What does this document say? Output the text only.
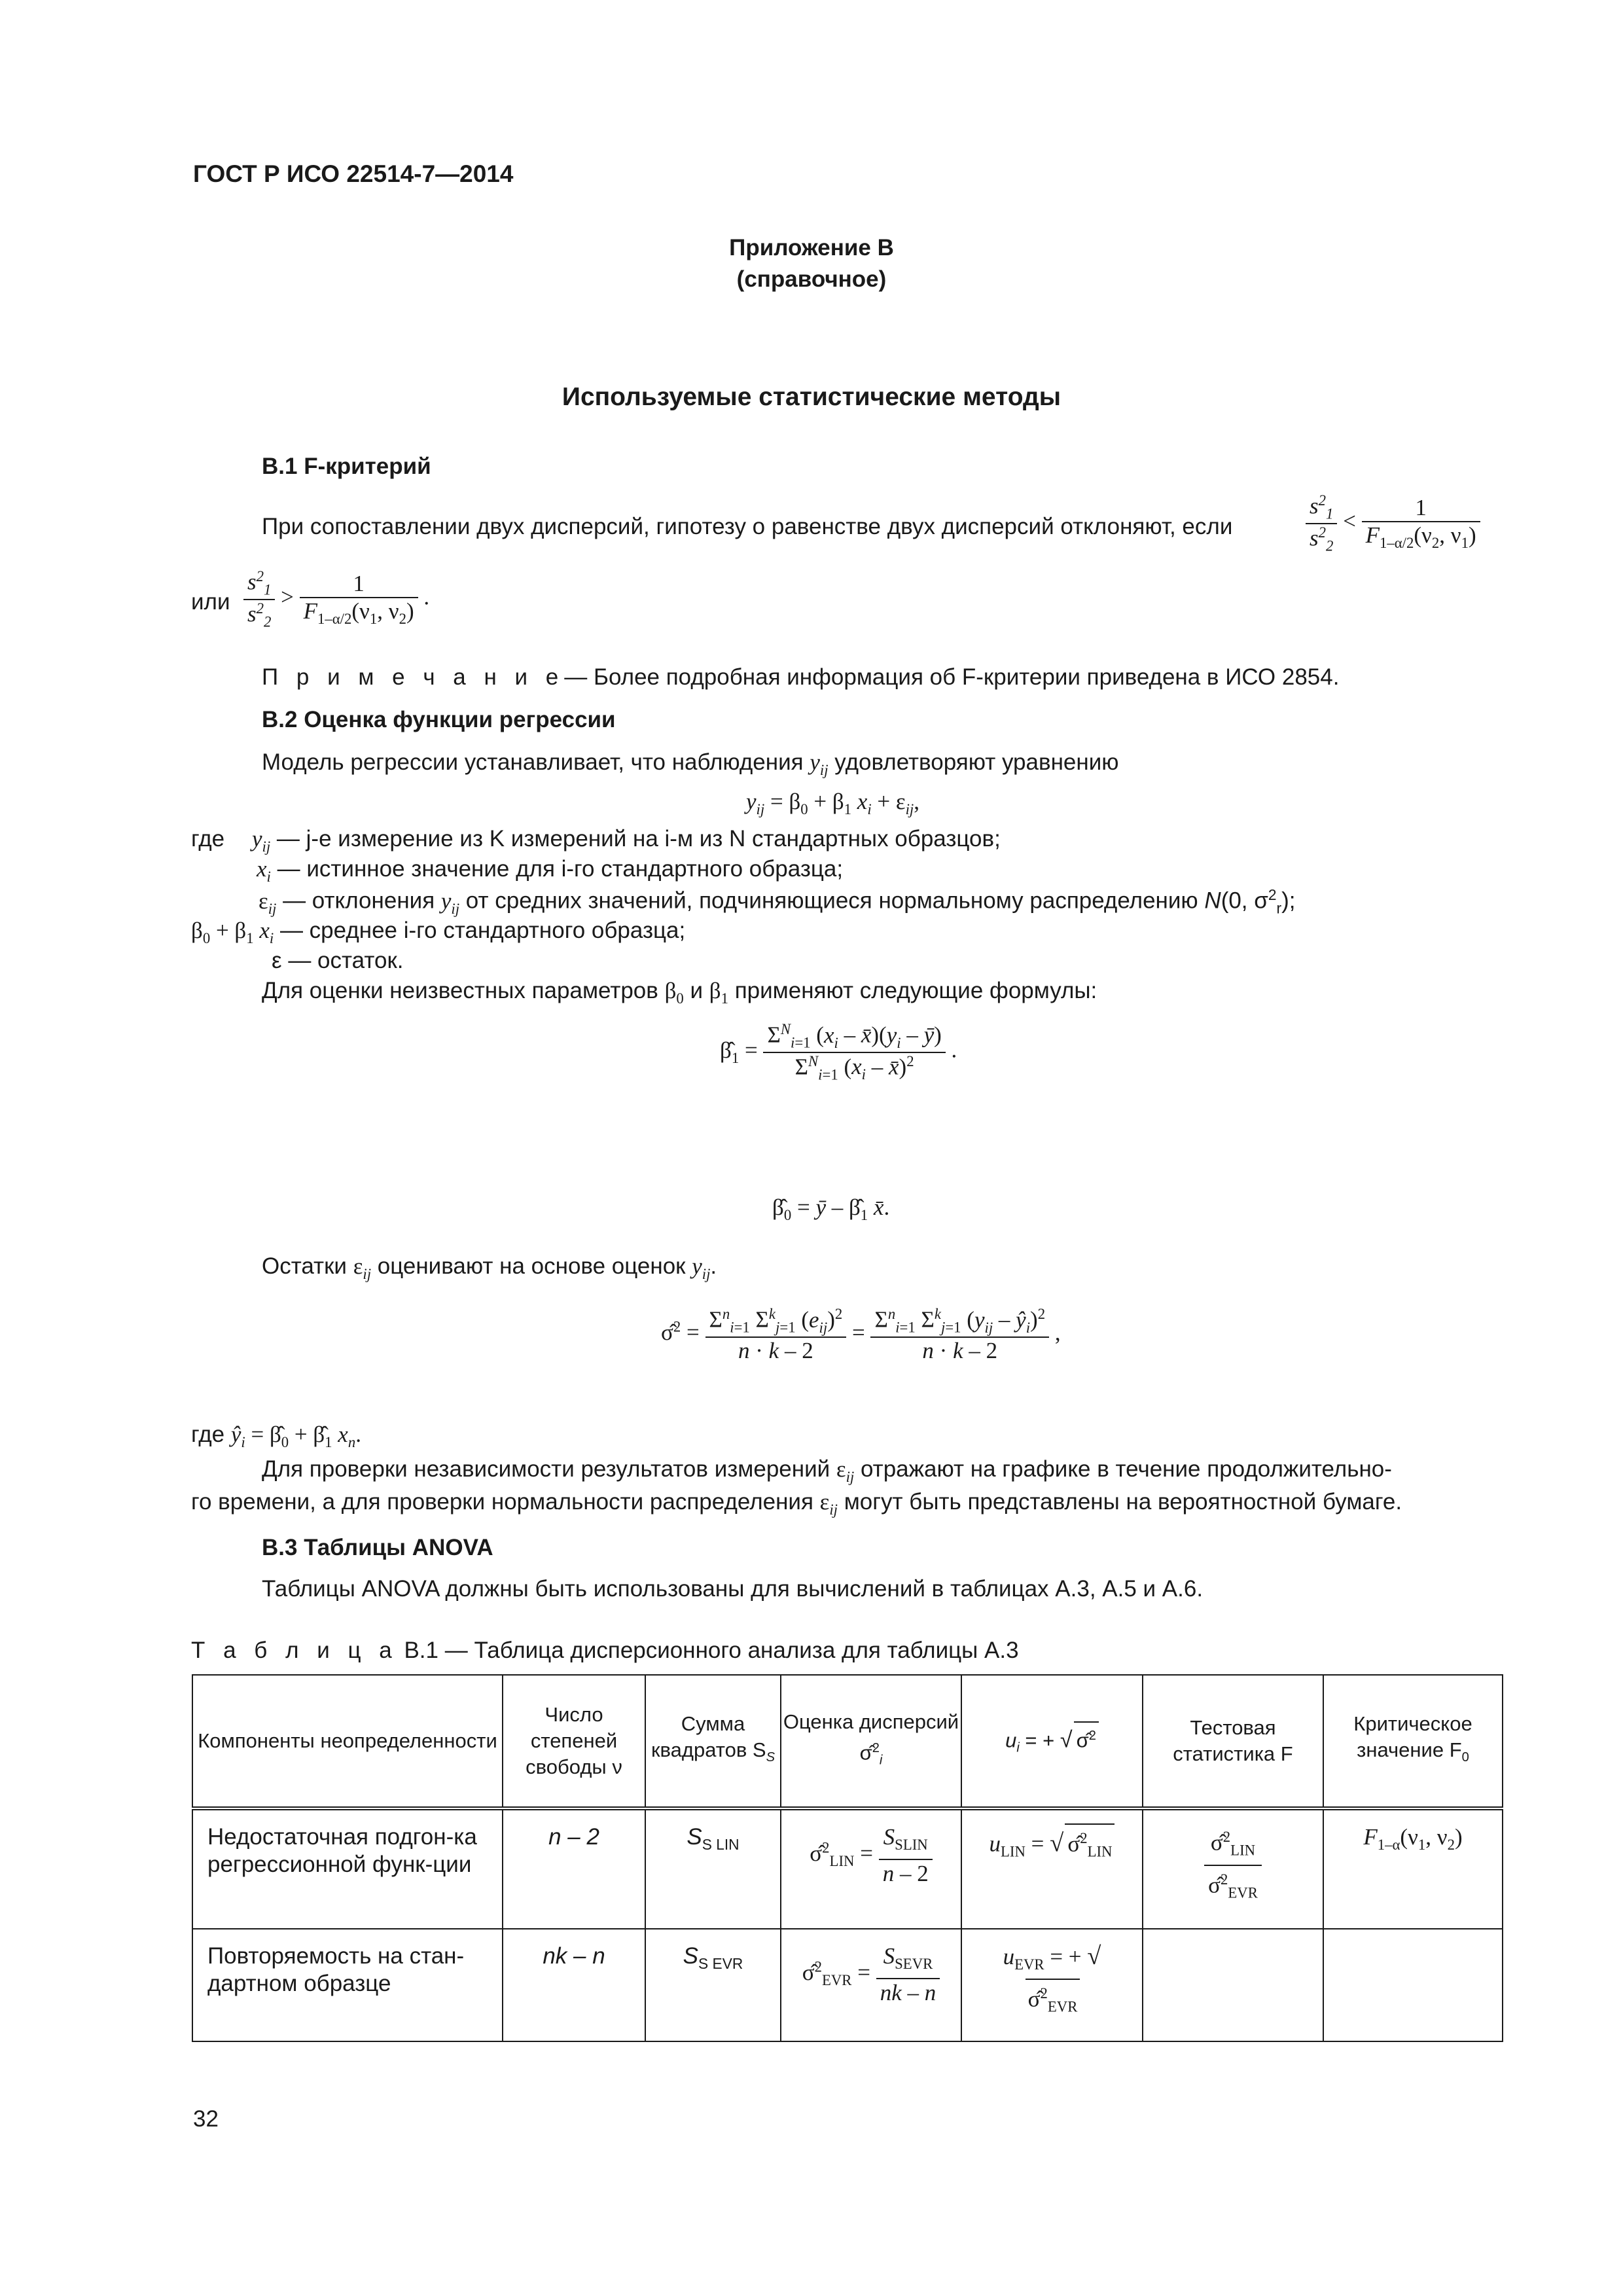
ГОСТ Р ИСО 22514-7—2014
Приложение В
(справочное)
Используемые статистические методы
В.1 F-критерий
При сопоставлении двух дисперсий, гипотезу о равенстве двух дисперсий отклоняют, если	$\frac{s^2_1}{s^2_2} < \frac{1}{F_{1-\alpha/2}(\nu_2, \nu_1)}$
или $\frac{s^2_1}{s^2_2} > \frac{1}{F_{1-\alpha/2}(\nu_1, \nu_2)}$ .
П р и м е ч а н и е— Более подробная информация об F-критерии приведена в ИСО 2854.
В.2 Оценка функции регрессии
Модель регрессии устанавливает, что наблюдения $y_{ij}$ удовлетворяют уравнению
$y_{ij} = \beta_0 + \beta_1$ $x_i + \varepsilon_{ij}$,
где $y_{ij}$ — j-е измерение из K измерений на i-м из N стандартных образцов;
$x_i$ — истинное значение для i-го стандартного образца;
$\varepsilon_{ij}$ — отклонения $y_{ij}$ от средних значений, подчиняющиеся нормальному распределению N(0, $\sigma^2_r$);
$\beta_0 + \beta_1$ $x_i$ — среднее i-го стандартного образца;
ε — остаток.
Для оценки неизвестных параметров $\beta_0$ и $\beta_1$ применяют следующие формулы:
$\betâ_1 = \frac{\Sigma^N_{i=1} (x_i - x̄)(y_i - ȳ)}{\Sigma^N_{i=1} (x_i - x̄)^2}$ .
$\betâ_0$ = ȳ – $\betâ_1$ x̄.
Остатки $\varepsilon_{ij}$ оценивают на основе оценок $y_{ij}$.
σ̂$^2$ = $\frac{\Sigma^n_{i=1} \Sigma^k_{j=1} (e_{ij})^2}{n \cdot k - 2} = \frac{\Sigma^n_{i=1} \Sigma^k_{j=1} (y_{ij} - ŷ_i)^2}{n \cdot k - 2}$ ,
где $ŷ_i$ = $\betâ_0$ + $\betâ_1$ $x_n$.
Для проверки независимости результатов измерений $\varepsilon_{ij}$ отражают на графике в течение продолжительно-
го времени, а для проверки нормальности распределения $\varepsilon_{ij}$ могут быть представлены на вероятностной бумаге.
В.3 Таблицы ANOVA
Таблицы ANOVA должны быть использованы для вычислений в таблицах А.3, А.5 и А.6.
Т а б л и ц а В.1 — Таблица дисперсионного анализа для таблицы А.3
Компоненты неопределенности	Число степеней свободы ν	Сумма квадратов $S_S$	Оценка дисперсий σ̂$^2_i$	$u_i$ = + √ σ̂$^2$	Тестовая статистика F	Критическое значение $F_0$
Недостаточная подгон-ка регрессионной функ-ции	n – 2	$S_{S LIN}$	σ̂$^2_{LIN}$ = $\frac{S_{SLIN}}{n - 2}$	$u_{LIN}$ = √ σ̂$^2_{LIN}$	$\frac{\sigmâ^2_{LIN}}{\sigmâ^2_{EVR}}$	$F_{1-\alpha}(\nu_1$, $\nu_2$)
Повторяемость на стан-дартном образце	nk – n	$S_{S EVR}$	σ̂$^2_{EVR}$ = $\frac{S_{SEVR}}{nk - n}$	$u_{EVR}$ = + √σ̂$^2_{EVR}$		
32
